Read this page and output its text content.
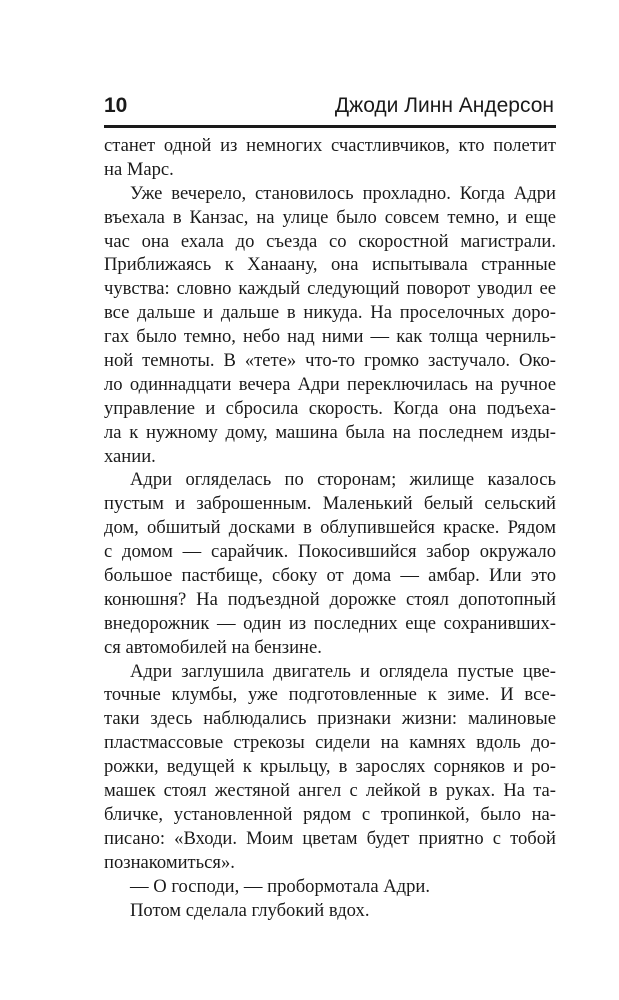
10	Джоди Линн Андерсон
станет одной из немногих счастливчиков, кто полетит
на Марс.
Уже вечерело, становилось прохладно. Когда Адри
въехала в Канзас, на улице было совсем темно, и еще
час она ехала до съезда со скоростной магистрали.
Приближаясь к Ханаану, она испытывала странные
чувства: словно каждый следующий поворот уводил ее
все дальше и дальше в никуда. На проселочных доро-
гах было темно, небо над ними — как толща черниль-
ной темноты. В «тете» что-то громко застучало. Око-
ло одиннадцати вечера Адри переключилась на ручное
управление и сбросила скорость. Когда она подъеха-
ла к нужному дому, машина была на последнем изды-
хании.
Адри огляделась по сторонам; жилище казалось
пустым и заброшенным. Маленький белый сельский
дом, обшитый досками в облупившейся краске. Рядом
с домом — сарайчик. Покосившийся забор окружало
большое пастбище, сбоку от дома — амбар. Или это
конюшня? На подъездной дорожке стоял допотопный
внедорожник — один из последних еще сохранивших-
ся автомобилей на бензине.
Адри заглушила двигатель и оглядела пустые цве-
точные клумбы, уже подготовленные к зиме. И все-
таки здесь наблюдались признаки жизни: малиновые
пластмассовые стрекозы сидели на камнях вдоль до-
рожки, ведущей к крыльцу, в зарослях сорняков и ро-
машек стоял жестяной ангел с лейкой в руках. На та-
бличке, установленной рядом с тропинкой, было на-
писано: «Входи. Моим цветам будет приятно с тобой
познакомиться».
— О господи, — пробормотала Адри.
Потом сделала глубокий вдох.
